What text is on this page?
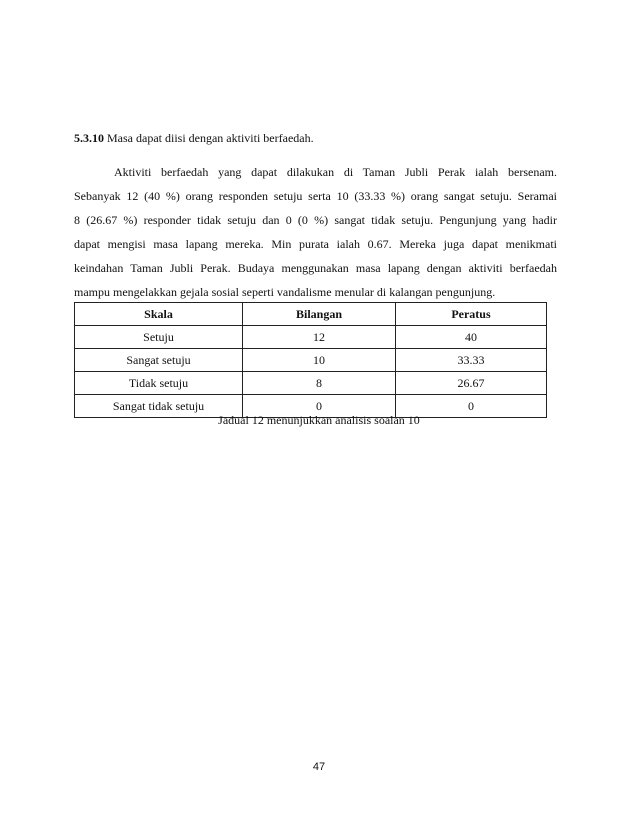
5.3.10 Masa dapat diisi dengan aktiviti berfaedah.
Aktiviti berfaedah yang dapat dilakukan di Taman Jubli Perak ialah bersenam.
Sebanyak 12 (40 %) orang responden setuju serta 10 (33.33 %) orang sangat setuju. Seramai
8 (26.67 %) responder tidak setuju dan 0 (0 %) sangat tidak setuju. Pengunjung yang hadir
dapat mengisi masa lapang mereka. Min purata ialah 0.67. Mereka juga dapat menikmati
keindahan Taman Jubli Perak. Budaya menggunakan masa lapang dengan aktiviti berfaedah
mampu mengelakkan gejala sosial seperti vandalisme menular di kalangan pengunjung.
Skala	Bilangan	Peratus
Setuju	12	40
Sangat setuju	10	33.33
Tidak setuju	8	26.67
Sangat tidak setuju	0	0
Jadual 12 menunjukkan analisis soalan 10
47
